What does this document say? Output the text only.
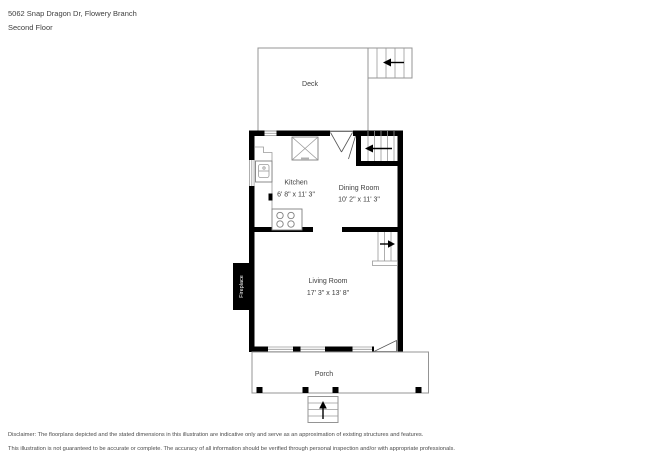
5062 Snap Dragon Dr, Flowery Branch
Second Floor
Deck
Fireplace
Kitchen
6' 8" x 11' 3"
Dining Room
10' 2" x 11' 3"
Living Room
17' 3" x 13' 8"
Porch
Disclaimer: The floorplans depicted and the stated dimensions in this illustration are indicative only and serve as an approximation of existing structures and features.
This illustration is not guaranteed to be accurate or complete. The accuracy of all information should be verified through personal inspection and/or with appropriate professionals.
